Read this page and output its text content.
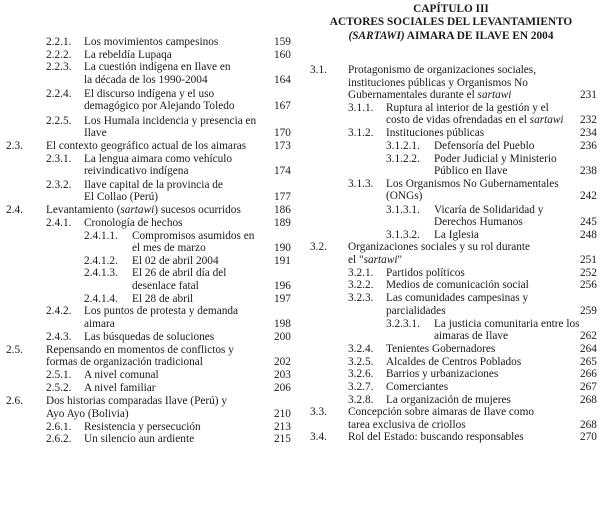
2.2.1. Los movimientos campesinos	159
2.2.2. La rebeldía Lupaqa	160
2.2.3. La cuestión indígena en Ilave en
la década de los 1990-2004	164
2.2.4. El discurso indígena y el uso
demagógico por Alejando Toledo	167
2.2.5. Los Humala incidencia y presencia en
Ilave	170
2.3. El contexto geográfico actual de los aimaras 173
2.3.1. La lengua aimara como vehículo
reivindicativo indígena	174
2.3.2. Ilave capital de la provincia de
El Collao (Perú)	177
2.4. Levantamiento (sartawi) sucesos ocurridos	186
2.4.1. Cronología de hechos	189
2.4.1.1. Compromisos asumidos en
el mes de marzo	190
2.4.1.2. El 02 de abril 2004	191
2.4.1.3. El 26 de abril día del
desenlace fatal	196
2.4.1.4. El 28 de abril	197
2.4.2. Los puntos de protesta y demanda
aimara	198
2.4.3. Las búsquedas de soluciones	200
2.5. Repensando en momentos de conflictos y
formas de organización tradicional	202
2.5.1. A nivel comunal	203
2.5.2. A nivel familiar	206
2.6. Dos historias comparadas Ilave (Perú) y
Ayo Ayo (Bolivia)	210
2.6.1. Resistencia y persecución	213
2.6.2. Un silencio aun ardiente	215
CAPÍTULO III
ACTORES SOCIALES DEL LEVANTAMIENTO
(SARTAWI) AIMARA DE ILAVE EN 2004
3.1. Protagonismo de organizaciones sociales,
instituciones públicas y Organismos No
Gubernamentales durante el sartawi	231
3.1.1. Ruptura al interior de la gestión y el
costo de vidas ofrendadas en el sartawi 232
3.1.2. Instituciones públicas	234
3.1.2.1. Defensoría del Pueblo	236
3.1.2.2. Poder Judicial y Ministerio
Público en Ilave	238
3.1.3. Los Organismos No Gubernamentales
(ONGs)	242
3.1.3.1. Vicaría de Solidaridad y
Derechos Humanos	245
3.1.3.2. La Iglesia	248
3.2. Organizaciones sociales y su rol durante
el "sartawi"	251
3.2.1. Partidos políticos	252
3.2.2. Medios de comunicación social	256
3.2.3. Las comunidades campesinas y
parcialidades	259
3.2.3.1. La justicia comunitaria entre los
aimaras de Ilave	262
3.2.4. Tenientes Gobernadores	264
3.2.5. Alcaldes de Centros Poblados	265
3.2.6. Barrios y urbanizaciones	266
3.2.7. Comerciantes	267
3.2.8. La organización de mujeres	268
3.3. Concepción sobre aimaras de Ilave como
tarea exclusiva de criollos	268
3.4. Rol del Estado: buscando responsables	270
